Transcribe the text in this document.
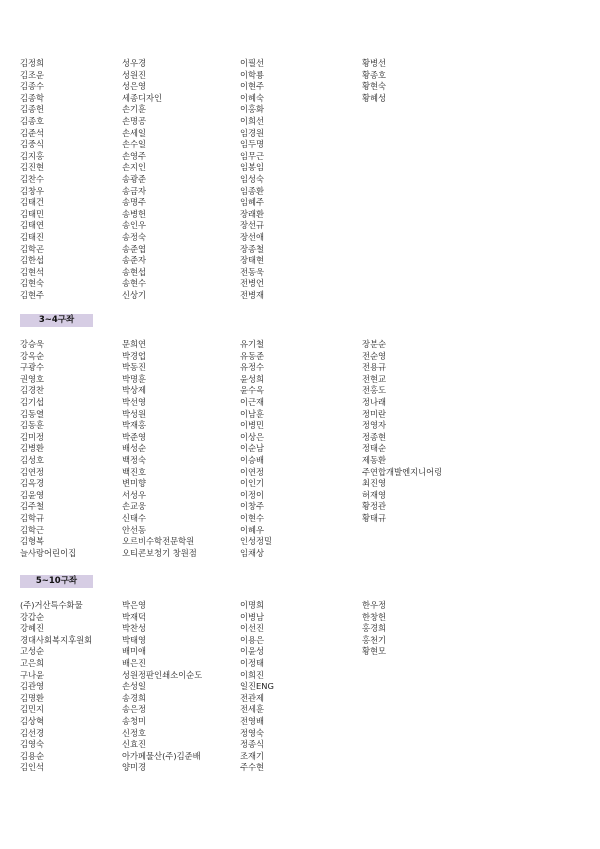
김정희
김조운
김종수
김종학
김종헌
김종호
김준석
김중식
김지홍
김진현
김찬수
김창우
김태건
김태민
김태연
김태진
김학곤
김한섭
김현석
김현숙
김현주
성우경
성원진
성은영
세종디자인
손기훈
손명공
손세일
손수일
손영주
손지인
송광준
송금자
송명주
송병헌
송인우
송정숙
송준엽
송준자
송현섭
송현수
신상기
이필선
이학룡
이현주
이혜숙
이홍화
이희선
임경원
임두명
임무근
임봉임
임성숙
임종환
임혜주
장래환
장선규
장선애
장종철
장태현
전동욱
전병언
전병재
황병선
황종호
황현숙
황혜성
3~4구좌
강승욱
강옥순
구광수
권영호
김경찬
김기섭
김동열
김동훈
김미정
김병환
김성호
김연정
김옥경
김윤영
김주철
김학규
김학근
김형복
늘사랑어린이집
문희연
박경업
박동진
박명훈
박상제
박선영
박성원
박재홍
박준영
배성순
백정숙
백진호
변미향
서성우
손교웅
신태수
안선동
오르비수학전문학원
오티콘보청기 창원점
유기철
유동준
유정수
윤성희
윤수옥
이근재
이남훈
이병민
이상은
이순남
이승배
이연정
이인기
이정이
이창주
이현수
이혜우
인성정밀
임채상
장분순
전순영
전용규
전현교
전홍도
정나래
정미란
정영자
정종현
정태순
제동환
주연합개발엔지니어링
최진영
허재영
황정관
황태규
5~10구좌
(주)거산특수화물
강갑순
강혜진
경대사회복지후원회
고성순
고은희
구나윤
김관영
김명환
김민지
김상혁
김선경
김영숙
김용순
김인석
박은영
박재덕
박찬성
박태영
배미애
배은진
성원정판인쇄소이순도
손성일
송경희
송은정
송청미
신정호
신효진
아가페물산(주)김준배
양미경
이명희
이병남
이선진
이용은
이윤성
이정태
이희진
일진ENG
전관제
전세훈
전영배
정영숙
정종식
조재기
주수현
한우정
한창헌
홍경희
홍천기
황현모
